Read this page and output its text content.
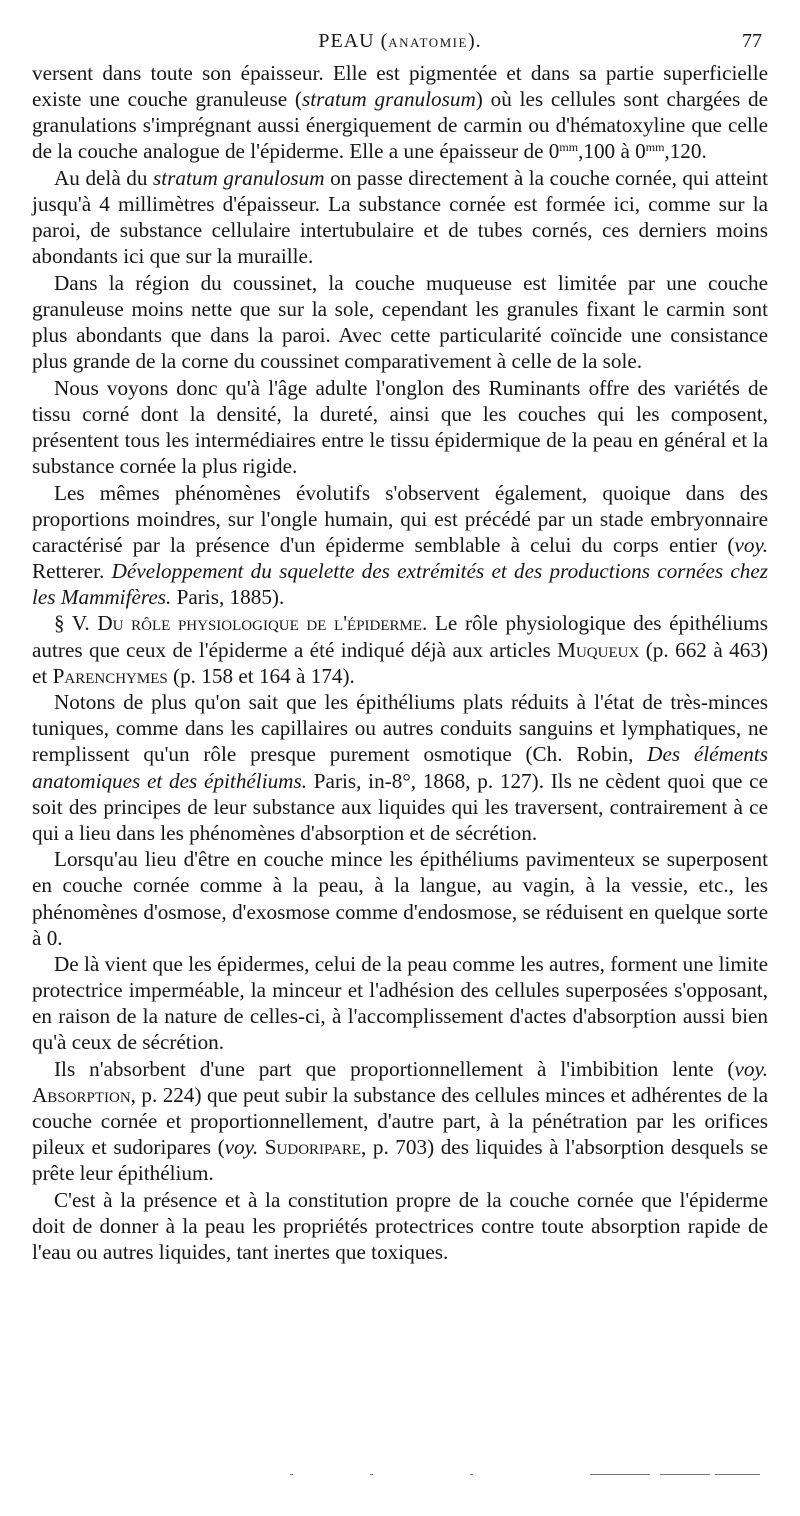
PEAU (anatomie).	77

versent dans toute son épaisseur. Elle est pigmentée et dans sa partie superficielle existe une couche granuleuse (stratum granulosum) où les cellules sont chargées de granulations s'imprégnant aussi énergiquement de carmin ou d'hématoxyline que celle de la couche analogue de l'épiderme. Elle a une épaisseur de $0^{mm},100$ à $0^{mm},120$.

Au delà du stratum granulosum on passe directement à la couche cornée, qui atteint jusqu'à 4 millimètres d'épaisseur. La substance cornée est formée ici, comme sur la paroi, de substance cellulaire intertubulaire et de tubes cornés, ces derniers moins abondants ici que sur la muraille.

Dans la région du coussinet, la couche muqueuse est limitée par une couche granuleuse moins nette que sur la sole, cependant les granules fixant le carmin sont plus abondants que dans la paroi. Avec cette particularité coïncide une consistance plus grande de la corne du coussinet comparativement à celle de la sole.

Nous voyons donc qu'à l'âge adulte l'onglon des Ruminants offre des variétés de tissu corné dont la densité, la dureté, ainsi que les couches qui les composent, présentent tous les intermédiaires entre le tissu épidermique de la peau en général et la substance cornée la plus rigide.

Les mêmes phénomènes évolutifs s'observent également, quoique dans des proportions moindres, sur l'ongle humain, qui est précédé par un stade embryonnaire caractérisé par la présence d'un épiderme semblable à celui du corps entier (voy. Retterer. Développement du squelette des extrémités et des productions cornées chez les Mammifères. Paris, 1885).

§ V. Du rôle physiologique de l'épiderme. Le rôle physiologique des épithéliums autres que ceux de l'épiderme a été indiqué déjà aux articles Muqueux (p. 662 à 463) et Parenchymes (p. 158 et 164 à 174).

Notons de plus qu'on sait que les épithéliums plats réduits à l'état de très-minces tuniques, comme dans les capillaires ou autres conduits sanguins et lymphatiques, ne remplissent qu'un rôle presque purement osmotique (Ch. Robin, Des éléments anatomiques et des épithéliums. Paris, in-8°, 1868, p. 127). Ils ne cèdent quoi que ce soit des principes de leur substance aux liquides qui les traversent, contrairement à ce qui a lieu dans les phénomènes d'absorption et de sécrétion.

Lorsqu'au lieu d'être en couche mince les épithéliums pavimenteux se superposent en couche cornée comme à la peau, à la langue, au vagin, à la vessie, etc., les phénomènes d'osmose, d'exosmose comme d'endosmose, se réduisent en quelque sorte à 0.

De là vient que les épidermes, celui de la peau comme les autres, forment une limite protectrice imperméable, la minceur et l'adhésion des cellules superposées s'opposant, en raison de la nature de celles-ci, à l'accomplissement d'actes d'absorption aussi bien qu'à ceux de sécrétion.

Ils n'absorbent d'une part que proportionnellement à l'imbibition lente (voy. Absorption, p. 224) que peut subir la substance des cellules minces et adhérentes de la couche cornée et proportionnellement, d'autre part, à la pénétration par les orifices pileux et sudoripares (voy. Sudoripare, p. 703) des liquides à l'absorption desquels se prête leur épithélium.

C'est à la présence et à la constitution propre de la couche cornée que l'épiderme doit de donner à la peau les propriétés protectrices contre toute absorption rapide de l'eau ou autres liquides, tant inertes que toxiques.
